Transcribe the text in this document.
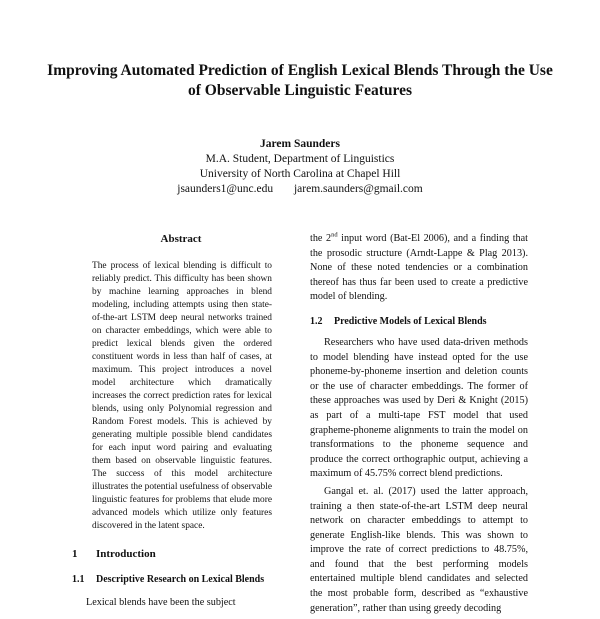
Improving Automated Prediction of English Lexical Blends Through the Use of Observable Linguistic Features
Jarem Saunders
M.A. Student, Department of Linguistics
University of North Carolina at Chapel Hill
jsaunders1@unc.edu jarem.saunders@gmail.com
Abstract

The process of lexical blending is difficult to reliably predict. This difficulty has been shown by machine learning approaches in blend modeling, including attempts using then state-of-the-art LSTM deep neural networks trained on character embeddings, which were able to predict lexical blends given the ordered constituent words in less than half of cases, at maximum. This project introduces a novel model architecture which dramatically increases the correct prediction rates for lexical blends, using only Polynomial regression and Random Forest models. This is achieved by generating multiple possible blend candidates for each input word pairing and evaluating them based on observable linguistic features. The success of this model architecture illustrates the potential usefulness of observable linguistic features for problems that elude more advanced models which utilize only features discovered in the latent space.

1 Introduction
1.1 Descriptive Research on Lexical Blends
Lexical blends have been the subject

the 2nd input word (Bat-El 2006), and a finding that the prosodic structure (Arndt-Lappe & Plag 2013). None of these noted tendencies or a combination thereof has thus far been used to create a predictive model of blending.

1.2 Predictive Models of Lexical Blends

Researchers who have used data-driven methods to model blending have instead opted for the use phoneme-by-phoneme insertion and deletion counts or the use of character embeddings. The former of these approaches was used by Deri & Knight (2015) as part of a multi-tape FST model that used grapheme-phoneme alignments to train the model on transformations to the phoneme sequence and produce the correct orthographic output, achieving a maximum of 45.75% correct blend predictions.

Gangal et. al. (2017) used the latter approach, training a then state-of-the-art LSTM deep neural network on character embeddings to attempt to generate English-like blends. This was shown to improve the rate of correct predictions to 48.75%, and found that the best performing models entertained multiple blend candidates and selected the most probable form, described as “exhaustive generation”, rather than using greedy decoding
